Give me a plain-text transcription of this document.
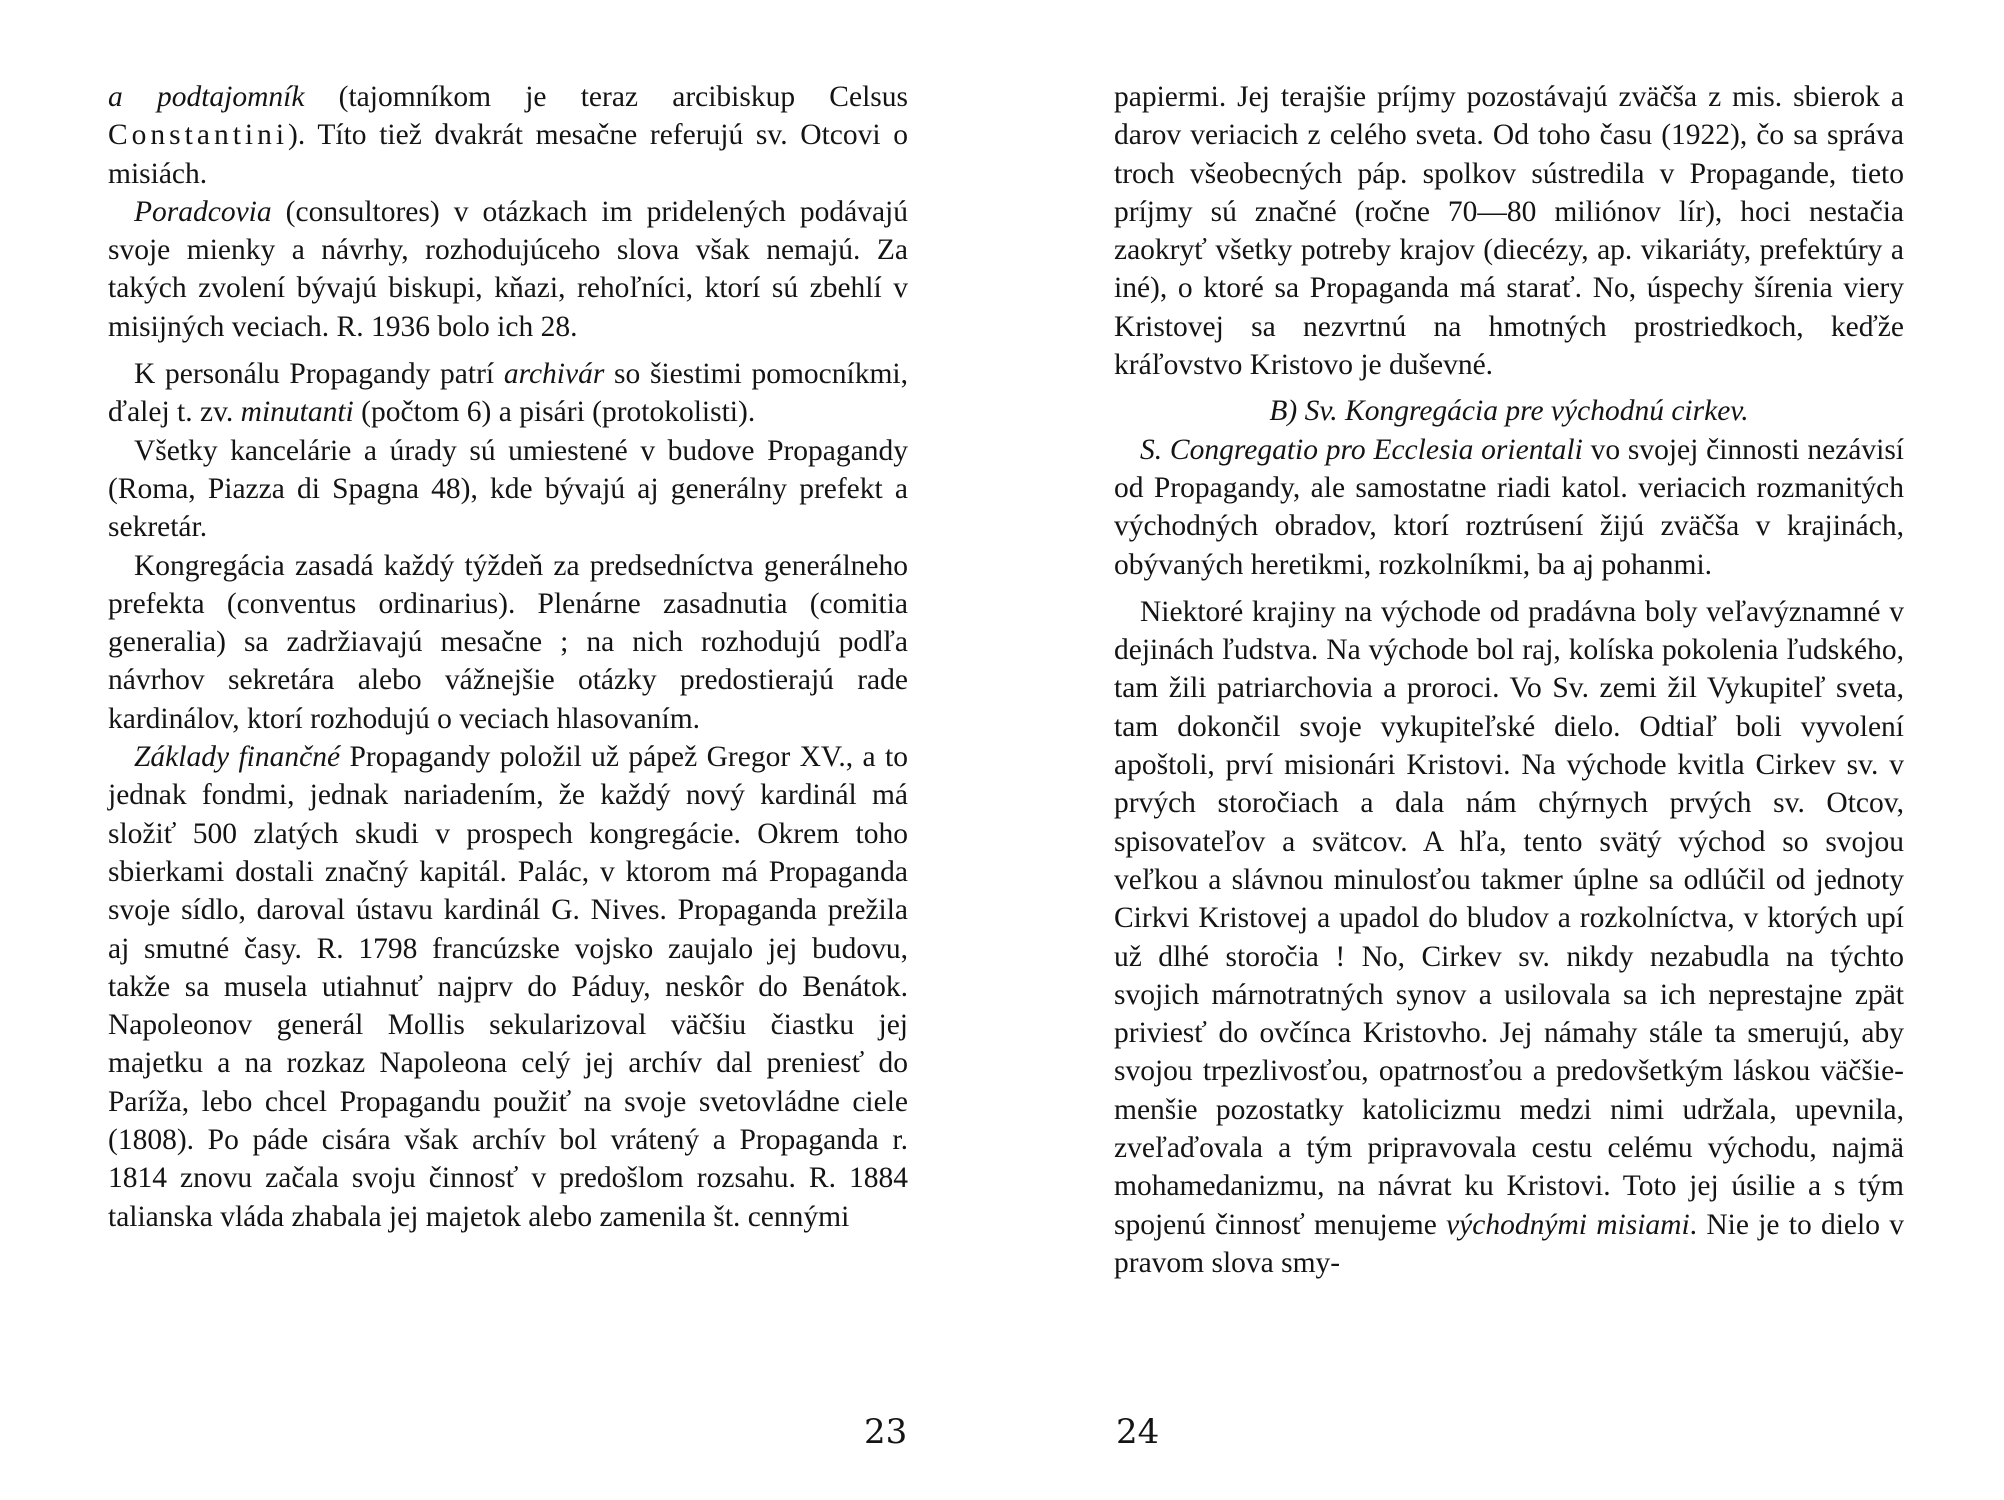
a podtajomník (tajomníkom je teraz arcibiskup Celsus Constantini). Títo tiež dvakrát mesačne referujú sv. Otcovi o misiách.

Poradcovia (consultores) v otázkach im pridelených podávajú svoje mienky a návrhy, rozhodujúceho slova však nemajú. Za takých zvolení bývajú biskupi, kňazi, rehoľníci, ktorí sú zbehlí v misijných veciach. R. 1936 bolo ich 28.

K personálu Propagandy patrí archivár so šiestimi pomocníkmi, ďalej t. zv. minutanti (počtom 6) a pisári (protokolisti).

Všetky kancelárie a úrady sú umiestené v budove Propagandy (Roma, Piazza di Spagna 48), kde bývajú aj generálny prefekt a sekretár.

Kongregácia zasadá každý týždeň za predsedníctva generálneho prefekta (conventus ordinarius). Plenárne zasadnutia (comitia generalia) sa zadržiavajú mesačne ; na nich rozhodujú podľa návrhov sekretára alebo vážnejšie otázky predostierajú rade kardinálov, ktorí rozhodujú o veciach hlasovaním.

Základy finančné Propagandy položil už pápež Gregor XV., a to jednak fondmi, jednak nariadením, že každý nový kardinál má složiť 500 zlatých skudi v prospech kongregácie. Okrem toho sbierkami dostali značný kapitál. Palác, v ktorom má Propaganda svoje sídlo, daroval ústavu kardinál G. Nives. Propaganda prežila aj smutné časy. R. 1798 francúzske vojsko zaujalo jej budovu, takže sa musela utiahnuť najprv do Páduy, neskôr do Benátok. Napoleonov generál Mollis sekularizoval väčšiu čiastku jej majetku a na rozkaz Napoleona celý jej archív dal preniesť do Paríža, lebo chcel Propagandu použiť na svoje svetovládne ciele (1808). Po páde cisára však archív bol vrátený a Propaganda r. 1814 znovu začala svoju činnosť v predošlom rozsahu. R. 1884 talianska vláda zhabala jej majetok alebo zamenila št. cennými

23

papiermi. Jej terajšie príjmy pozostávajú zväčša z mis. sbierok a darov veriacich z celého sveta. Od toho času (1922), čo sa správa troch všeobecných páp. spolkov sústredila v Propagande, tieto príjmy sú značné (ročne 70—80 miliónov lír), hoci nestačia zaokryť všetky potreby krajov (diecézy, ap. vikariáty, prefektúry a iné), o ktoré sa Propaganda má starať. No, úspechy šírenia viery Kristovej sa nezvrtnú na hmotných prostriedkoch, keďže kráľovstvo Kristovo je duševné.

B) Sv. Kongregácia pre východnú cirkev.

S. Congregatio pro Ecclesia orientali vo svojej činnosti nezávisí od Propagandy, ale samostatne riadi katol. veriacich rozmanitých východných obradov, ktorí roztrúsení žijú zväčša v krajinách, obývaných heretikmi, rozkolníkmi, ba aj pohanmi.

Niektoré krajiny na východe od pradávna boly veľavýznamné v dejinách ľudstva. Na východe bol raj, kolíska pokolenia ľudského, tam žili patriarchovia a proroci. Vo Sv. zemi žil Vykupiteľ sveta, tam dokončil svoje vykupiteľské dielo. Odtiaľ boli vyvolení apoštoli, prví misionári Kristovi. Na východe kvitla Cirkev sv. v prvých storočiach a dala nám chýrnych prvých sv. Otcov, spisovateľov a svätcov. A hľa, tento svätý východ so svojou veľkou a slávnou minulosťou takmer úplne sa odlúčil od jednoty Cirkvi Kristovej a upadol do bludov a rozkolníctva, v ktorých upí už dlhé storočia ! No, Cirkev sv. nikdy nezabudla na týchto svojich márnotratných synov a usilovala sa ich neprestajne zpät priviesť do ovčínca Kristovho. Jej námahy stále ta smerujú, aby svojou trpezlivosťou, opatrnosťou a predovšetkým láskou väčšie-menšie pozostatky katolicizmu medzi nimi udržala, upevnila, zveľaďovala a tým pripravovala cestu celému východu, najmä mohamedanizmu, na návrat ku Kristovi. Toto jej úsilie a s tým spojenú činnosť menujeme východnými misiami. Nie je to dielo v pravom slova smy-

24
